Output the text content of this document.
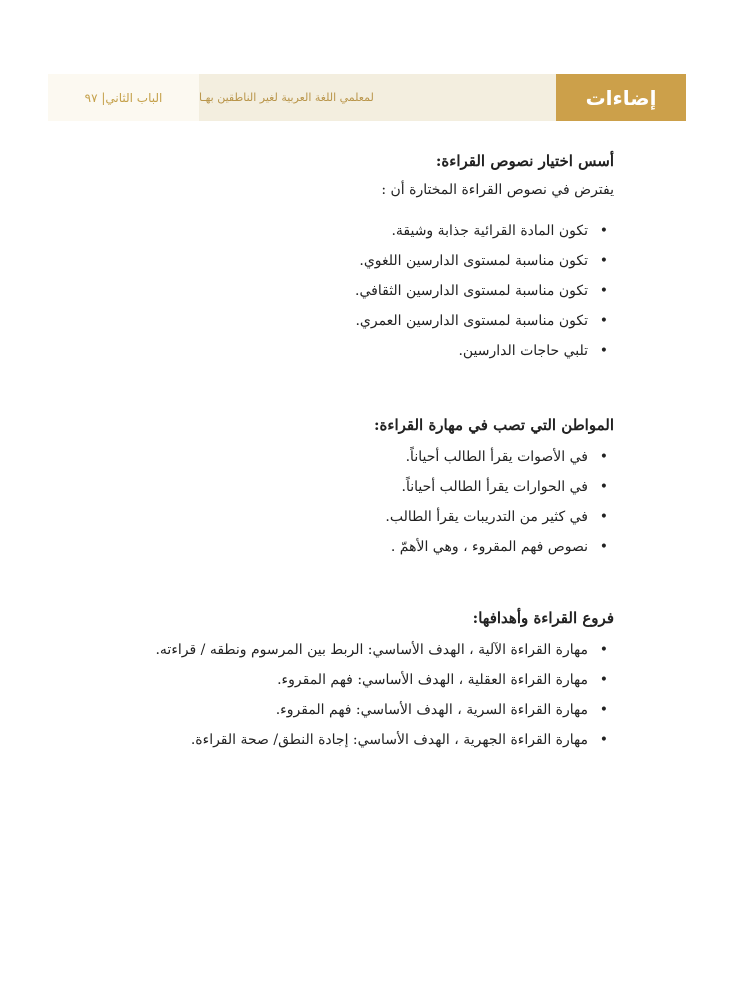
الباب الثاني| ٩٧	لمعلمي اللغة العربية لغير الناطقين بهـا	إضاءات
أسس اختيار نصوص القراءة:

يفترض في نصوص القراءة المختارة أن :

• تكون المادة القرائية جذابة وشيقة.
• تكون مناسبة لمستوى الدارسين اللغوي.
• تكون مناسبة لمستوى الدارسين الثقافي.
• تكون مناسبة لمستوى الدارسين العمري.
• تلبي حاجات الدارسين.
المواطن التي تصب في مهارة القراءة:
• في الأصوات يقرأ الطالب أحياناً.
• في الحوارات يقرأ الطالب أحياناً.
• في كثير من التدريبات يقرأ الطالب.
• نصوص فهم المقروء ، وهي الأهمّ .
فروع القراءة وأهدافها:
• مهارة القراءة الآلية ، الهدف الأساسي: الربط بين المرسوم ونطقه / قراءته.
• مهارة القراءة العقلية ، الهدف الأساسي: فهم المقروء.
• مهارة القراءة السرية ، الهدف الأساسي: فهم المقروء.
• مهارة القراءة الجهرية ، الهدف الأساسي: إجادة النطق/ صحة القراءة.
